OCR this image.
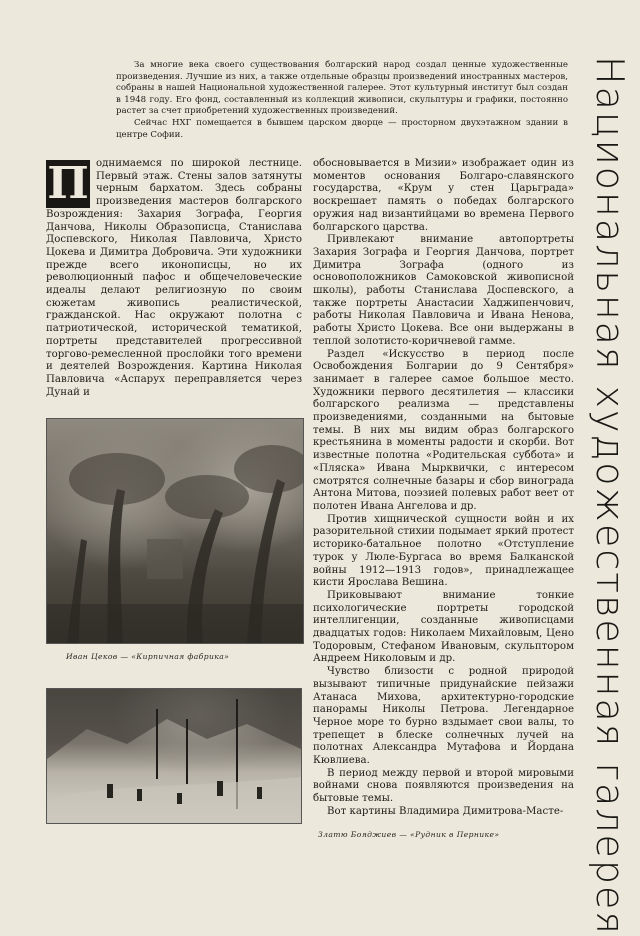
За многие века своего существования болгарский народ создал ценные художественные произведения. Лучшие из них, а также отдельные образцы произведений иностранных мастеров, собраны в нашей Национальной художественной галерее. Этот культурный институт был создан в 1948 году. Его фонд, составленный из коллекций живописи, скульптуры и графики, постоянно растет за счет приобретений художественных произведений.

Сейчас НХГ помещается в бывшем царском дворце — просторном двухэтажном здании в центре Софии.	Национальная художественная галерея
П однимаемся по широкой лестнице. Первый этаж. Стены залов затянуты черным бархатом. Здесь собраны произведения мастеров болгарского Возрождения: Захария Зографа, Георгия Данчова, Николы Образописца, Станислава Доспевского, Николая Павловича, Христо Цокева и Димитра Добровича. Эти художники прежде всего иконописцы, но их революционный пафос и общечеловеческие идеалы делают религиозную по своим сюжетам живопись реалистической, гражданской. Нас окружают полотна с патриотической, исторической тематикой, портреты представителей прогрессивной торгово-ремесленной прослойки того времени и деятелей Возрождения. Картина Николая Павловича «Аспарух переправляется через Дунай и

обосновывается в Мизии» изображает один из моментов основания Болгаро-славянского государства, «Крум у стен Царьграда» воскрешает память о победах болгарского оружия над византийцами во времена Первого болгарского царства.

Привлекают внимание автопортреты Захария Зографа и Георгия Данчова, портрет Димитра Зографа (одного из основоположников Самоковской живописной школы), работы Станислава Доспевского, а также портреты Анастасии Хаджипенчович, работы Николая Павловича и Ивана Ненова, работы Христо Цокева. Все они выдержаны в теплой золотисто-коричневой гамме.

Раздел «Искусство в период после Освобождения Болгарии до 9 Сентября» занимает в галерее самое большое место. Художники первого десятилетия — классики болгарского реализма — представлены произведениями, созданными на бытовые темы. В них мы видим образ болгарского крестьянина в моменты радости и скорби. Вот известные полотна «Родительская суббота» и «Пляска» Ивана Мырквички, с интересом смотрятся солнечные базары и сбор винограда Антона Митова, поэзией полевых работ веет от полотен Ивана Ангелова и др.

Против хищнической сущности войн и их разорительной стихии подымает яркий протест историко-батальное полотно «Отступление турок у Люле-Бургаса во время Балканской войны 1912—1913 годов», принадлежащее кисти Ярослава Вешина.

Приковывают внимание тонкие психологические портреты городской интеллигенции, созданные живописцами двадцатых годов: Николаем Михайловым, Цено Тодоровым, Стефаном Ивановым, скульптором Андреем Николовым и др.

Чувство близости с родной природой вызывают типичные придунайские пейзажи Атанаса Михова, архитектурно-городские панорамы Николы Петрова. Легендарное Черное море то бурно вздымает свои валы, то трепещет в блеске солнечных лучей на полотнах Александра Мутафова и Йордана Кювлиева.

В период между первой и второй мировыми войнами снова появляются произведения на бытовые темы.

Вот картины Владимира Димитрова-Масте-

Иван Цеков — «Кирпичная фабрика»
Златю Бояджиев — «Рудник в Пернике»
